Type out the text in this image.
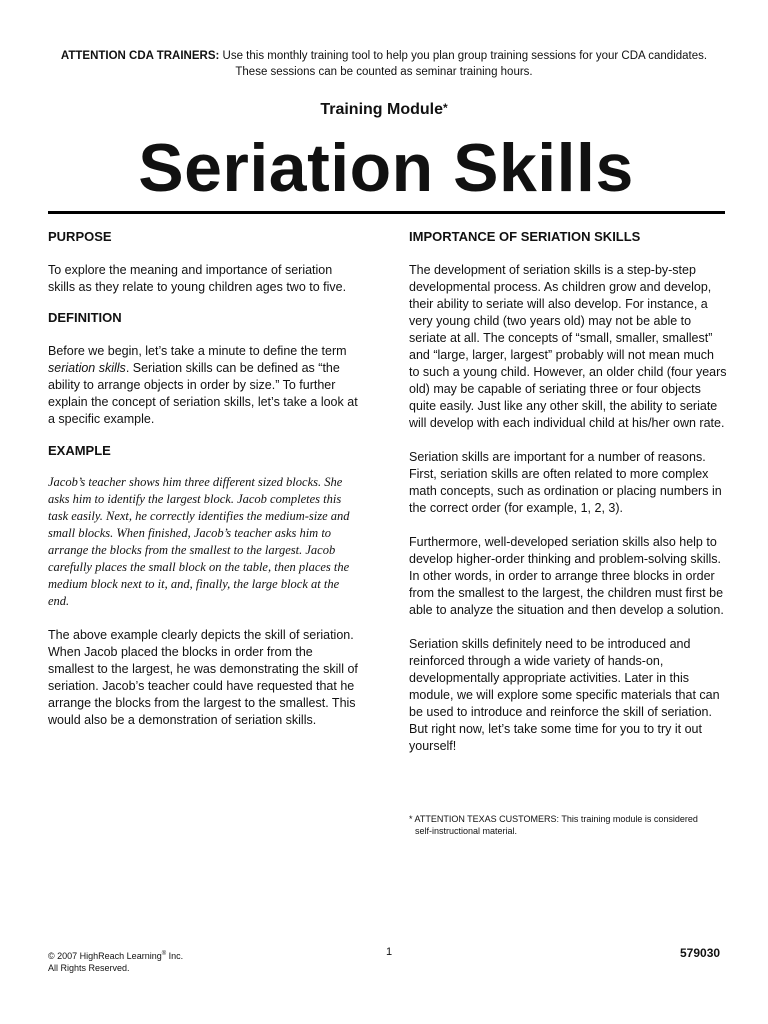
ATTENTION CDA TRAINERS: Use this monthly training tool to help you plan group training sessions for your CDA candidates. These sessions can be counted as seminar training hours.
Training Module*
Seriation Skills
PURPOSE

To explore the meaning and importance of seriation skills as they relate to young children ages two to five.

DEFINITION

Before we begin, let’s take a minute to define the term seriation skills. Seriation skills can be defined as “the ability to arrange objects in order by size.” To further explain the concept of seriation skills, let’s take a look at a specific example.

EXAMPLE

Jacob’s teacher shows him three different sized blocks. She asks him to identify the largest block. Jacob completes this task easily. Next, he correctly identifies the medium-size and small blocks. When finished, Jacob’s teacher asks him to arrange the blocks from the smallest to the largest. Jacob carefully places the small block on the table, then places the medium block next to it, and, finally, the large block at the end.

The above example clearly depicts the skill of seriation. When Jacob placed the blocks in order from the smallest to the largest, he was demonstrating the skill of seriation. Jacob’s teacher could have requested that he arrange the blocks from the largest to the smallest. This would also be a demonstration of seriation skills.

IMPORTANCE OF SERIATION SKILLS

The development of seriation skills is a step-by-step developmental process. As children grow and develop, their ability to seriate will also develop. For instance, a very young child (two years old) may not be able to seriate at all. The concepts of “small, smaller, smallest” and “large, larger, largest” probably will not mean much to such a young child. However, an older child (four years old) may be capable of seriating three or four objects quite easily. Just like any other skill, the ability to seriate will develop with each individual child at his/her own rate.

Seriation skills are important for a number of reasons. First, seriation skills are often related to more complex math concepts, such as ordination or placing numbers in the correct order (for example, 1, 2, 3).

Furthermore, well-developed seriation skills also help to develop higher-order thinking and problem-solving skills. In other words, in order to arrange three blocks in order from the smallest to the largest, the children must first be able to analyze the situation and then develop a solution.

Seriation skills definitely need to be introduced and reinforced through a wide variety of hands-on, developmentally appropriate activities. Later in this module, we will explore some specific materials that can be used to introduce and reinforce the skill of seriation. But right now, let’s take some time for you to try it out yourself!

* ATTENTION TEXAS CUSTOMERS: This training module is considered
self-instructional material.
© 2007 HighReach Learning® Inc.
All Rights Reserved.
1	579030
